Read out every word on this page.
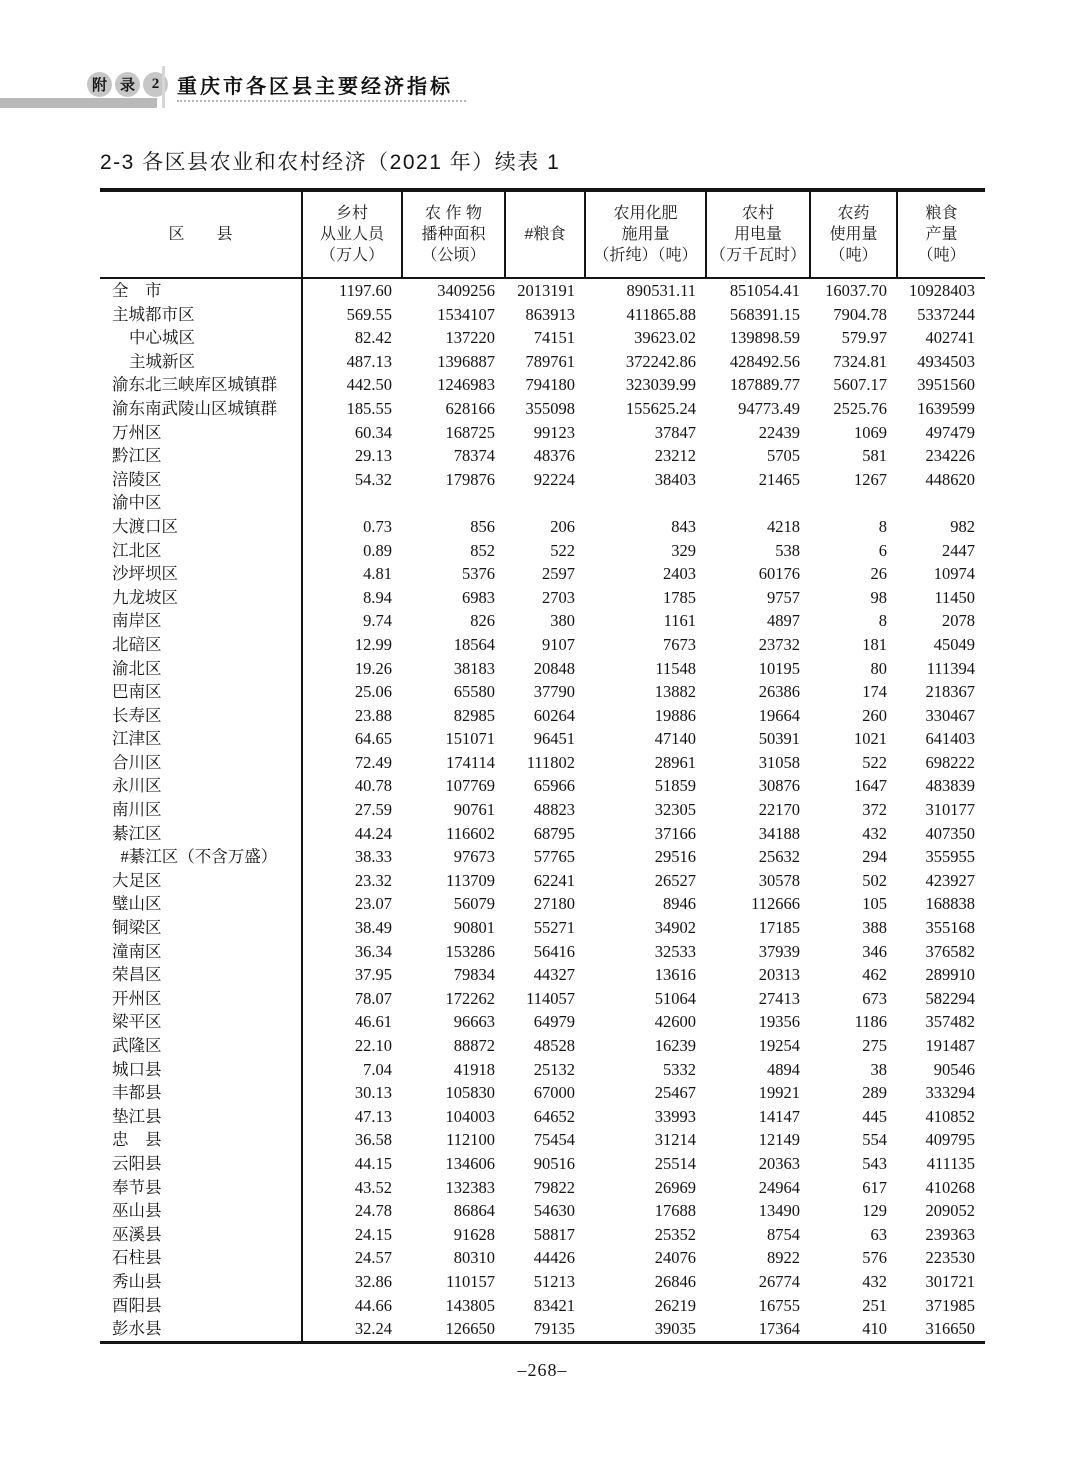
附 录	2 重庆市各区县主要经济指标
2-3 各区县农业和农村经济（2021 年）续表 1
区　　县

乡村
从业人员
（万人）

农 作 物
播种面积
（公顷）

#粮食

农用化肥
施用量
（折纯）（吨）

农村
用电量
（万千瓦时）

农药
使用量
（吨）

粮食
产量
（吨）

全　市	1197.60	3409256	2013191	890531.11	851054.41	16037.70	10928403
主城都市区	569.55	1534107	863913	411865.88	568391.15	7904.78	5337244
中心城区	82.42	137220	74151	39623.02	139898.59	579.97	402741
主城新区	487.13	1396887	789761	372242.86	428492.56	7324.81	4934503
渝东北三峡库区城镇群	442.50	1246983	794180	323039.99	187889.77	5607.17	3951560
渝东南武陵山区城镇群	185.55	628166	355098	155625.24	94773.49	2525.76	1639599
万州区	60.34	168725	99123	37847	22439	1069	497479
黔江区	29.13	78374	48376	23212	5705	581	234226
涪陵区	54.32	179876	92224	38403	21465	1267	448620
渝中区							
大渡口区	0.73	856	206	843	4218	8	982
江北区	0.89	852	522	329	538	6	2447
沙坪坝区	4.81	5376	2597	2403	60176	26	10974
九龙坡区	8.94	6983	2703	1785	9757	98	11450
南岸区	9.74	826	380	1161	4897	8	2078
北碚区	12.99	18564	9107	7673	23732	181	45049
渝北区	19.26	38183	20848	11548	10195	80	111394
巴南区	25.06	65580	37790	13882	26386	174	218367
长寿区	23.88	82985	60264	19886	19664	260	330467
江津区	64.65	151071	96451	47140	50391	1021	641403
合川区	72.49	174114	111802	28961	31058	522	698222
永川区	40.78	107769	65966	51859	30876	1647	483839
南川区	27.59	90761	48823	32305	22170	372	310177
綦江区	44.24	116602	68795	37166	34188	432	407350
#綦江区（不含万盛）	38.33	97673	57765	29516	25632	294	355955
大足区	23.32	113709	62241	26527	30578	502	423927
璧山区	23.07	56079	27180	8946	112666	105	168838
铜梁区	38.49	90801	55271	34902	17185	388	355168
潼南区	36.34	153286	56416	32533	37939	346	376582
荣昌区	37.95	79834	44327	13616	20313	462	289910
开州区	78.07	172262	114057	51064	27413	673	582294
梁平区	46.61	96663	64979	42600	19356	1186	357482
武隆区	22.10	88872	48528	16239	19254	275	191487
城口县	7.04	41918	25132	5332	4894	38	90546
丰都县	30.13	105830	67000	25467	19921	289	333294
垫江县	47.13	104003	64652	33993	14147	445	410852
忠　县	36.58	112100	75454	31214	12149	554	409795
云阳县	44.15	134606	90516	25514	20363	543	411135
奉节县	43.52	132383	79822	26969	24964	617	410268
巫山县	24.78	86864	54630	17688	13490	129	209052
巫溪县	24.15	91628	58817	25352	8754	63	239363
石柱县	24.57	80310	44426	24076	8922	576	223530
秀山县	32.86	110157	51213	26846	26774	432	301721
酉阳县	44.66	143805	83421	26219	16755	251	371985
彭水县	32.24	126650	79135	39035	17364	410	316650
–268–
